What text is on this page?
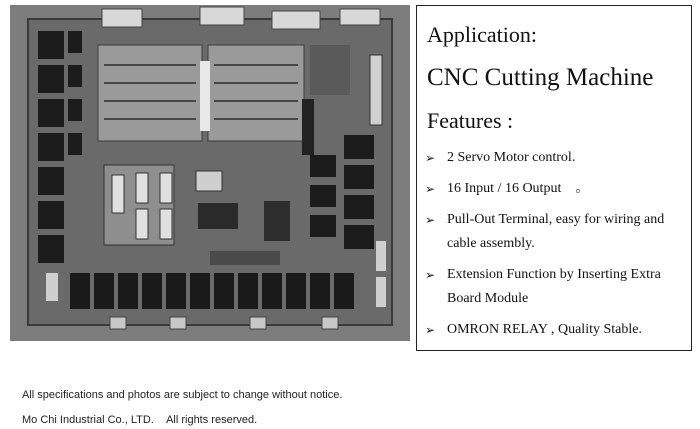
Application:
CNC Cutting Machine
Features :
➢ 2 Servo Motor control.
➢ 16 Input / 16 Output　。
➢ Pull-Out Terminal, easy for wiring and cable assembly.
➢ Extension Function by Inserting Extra Board Module
➢ OMRON RELAY , Quality Stable.
All specifications and photos are subject to change without notice.
Mo Chi Industrial Co., LTD.    All rights reserved.
